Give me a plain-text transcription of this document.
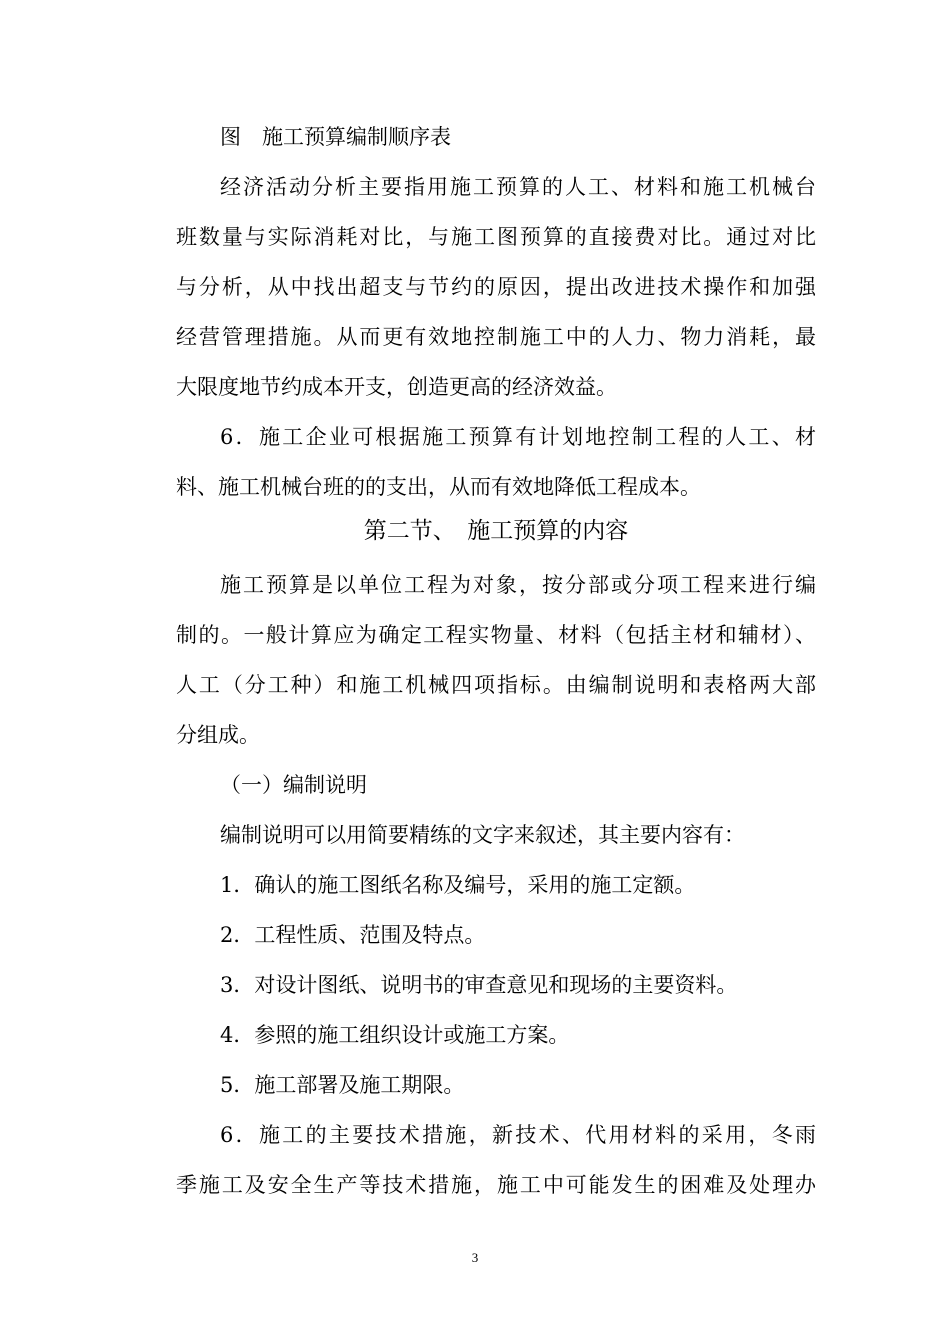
图　施工预算编制顺序表
经济活动分析主要指用施工预算的人工、材料和施工机械台
班数量与实际消耗对比，与施工图预算的直接费对比。通过对比
与分析，从中找出超支与节约的原因，提出改进技术操作和加强
经营管理措施。从而更有效地控制施工中的人力、物力消耗，最
大限度地节约成本开支，创造更高的经济效益。
6．施工企业可根据施工预算有计划地控制工程的人工、材
料、施工机械台班的的支出，从而有效地降低工程成本。
第二节、　施工预算的内容
施工预算是以单位工程为对象，按分部或分项工程来进行编
制的。一般计算应为确定工程实物量、材料（包括主材和辅材）、
人工（分工种）和施工机械四项指标。由编制说明和表格两大部
分组成。
（一）编制说明
编制说明可以用简要精练的文字来叙述，其主要内容有：
1．确认的施工图纸名称及编号，采用的施工定额。
2．工程性质、范围及特点。
3．对设计图纸、说明书的审查意见和现场的主要资料。
4．参照的施工组织设计或施工方案。
5．施工部署及施工期限。
6．施工的主要技术措施，新技术、代用材料的采用，冬雨
季施工及安全生产等技术措施，施工中可能发生的困难及处理办
3
